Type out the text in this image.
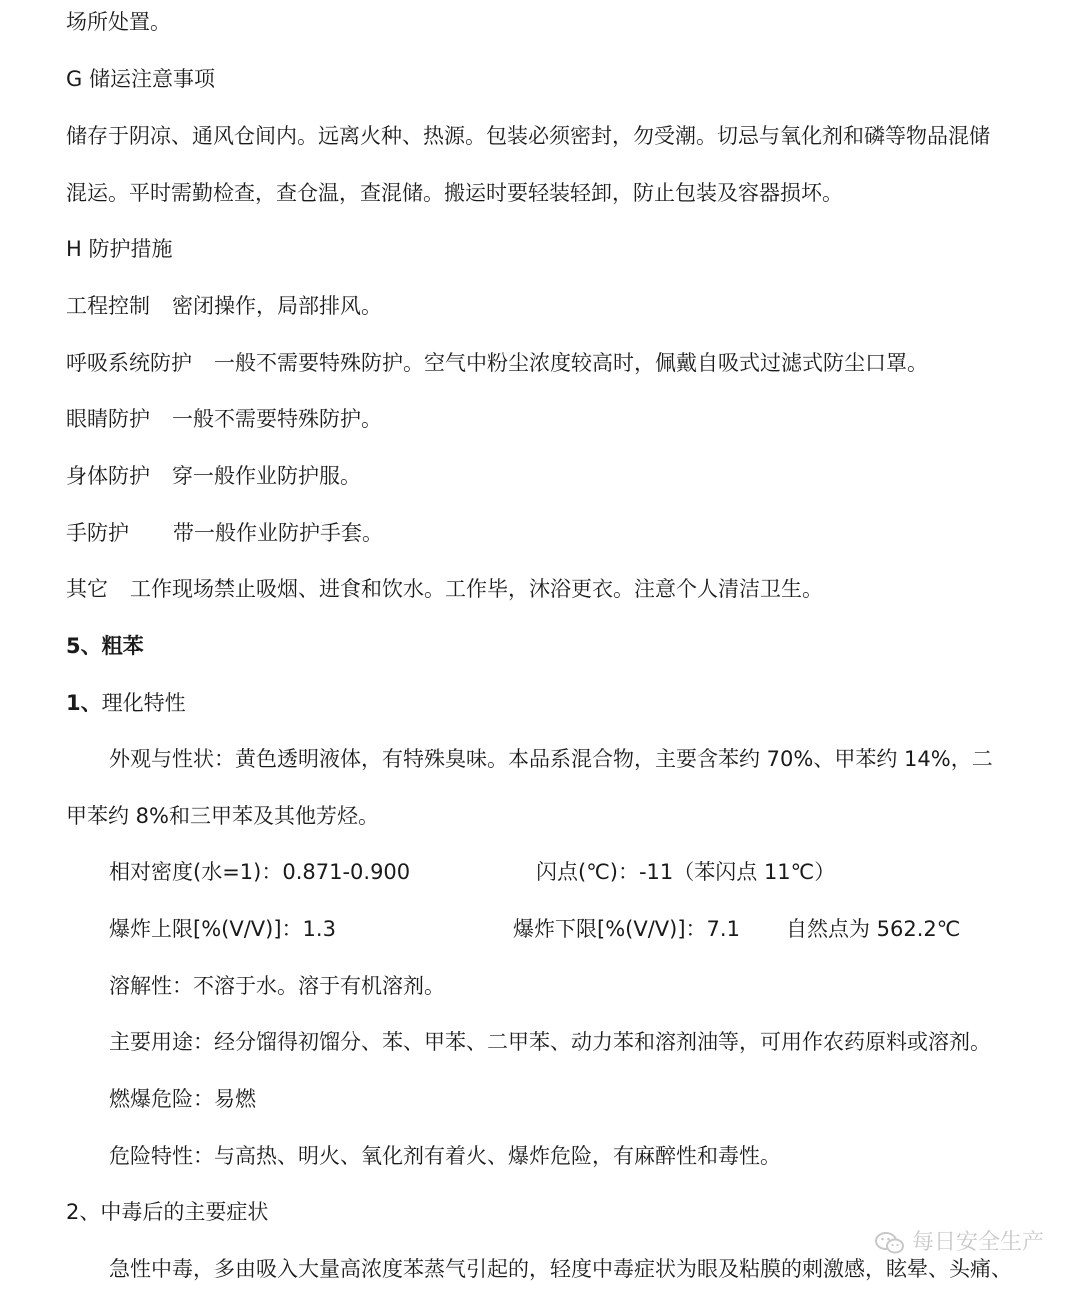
场所处置。
G 储运注意事项
储存于阴凉、通风仓间内。远离火种、热源。包装必须密封，勿受潮。切忌与氧化剂和磷等物品混储
混运。平时需勤检查，查仓温，查混储。搬运时要轻装轻卸，防止包装及容器损坏。
H 防护措施
工程控制 密闭操作，局部排风。
呼吸系统防护 一般不需要特殊防护。空气中粉尘浓度较高时，佩戴自吸式过滤式防尘口罩。
眼睛防护 一般不需要特殊防护。
身体防护 穿一般作业防护服。
手防护 带一般作业防护手套。
其它 工作现场禁止吸烟、进食和饮水。工作毕，沐浴更衣。注意个人清洁卫生。
5、粗苯
1、理化特性
外观与性状：黄色透明液体，有特殊臭味。本品系混合物，主要含苯约 70%、甲苯约 14%，二
甲苯约 8%和三甲苯及其他芳烃。
相对密度(水=1)：0.871-0.900	闪点(℃)：-11（苯闪点 11℃）
爆炸上限[%(V/V)]：1.3	爆炸下限[%(V/V)]：7.1 自然点为 562.2℃
溶解性：不溶于水。溶于有机溶剂。
主要用途：经分馏得初馏分、苯、甲苯、二甲苯、动力苯和溶剂油等，可用作农药原料或溶剂。
燃爆危险：易燃
危险特性：与高热、明火、氧化剂有着火、爆炸危险，有麻醉性和毒性。
2、中毒后的主要症状
急性中毒，多由吸入大量高浓度苯蒸气引起的，轻度中毒症状为眼及粘膜的刺激感，眩晕、头痛、
每日安全生产
